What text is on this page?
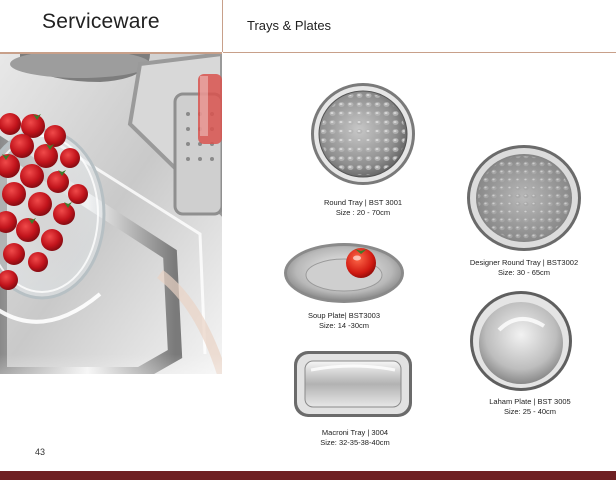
Serviceware	Trays & Plates
Round Tray | BST 3001
Size : 20 - 70cm
Designer Round Tray | BST3002
Size: 30 - 65cm
Soup Plate| BST3003
Size: 14 -30cm
Laham Plate | BST 3005
Size: 25 - 40cm
Macroni Tray | 3004
Size: 32-35-38-40cm
43
